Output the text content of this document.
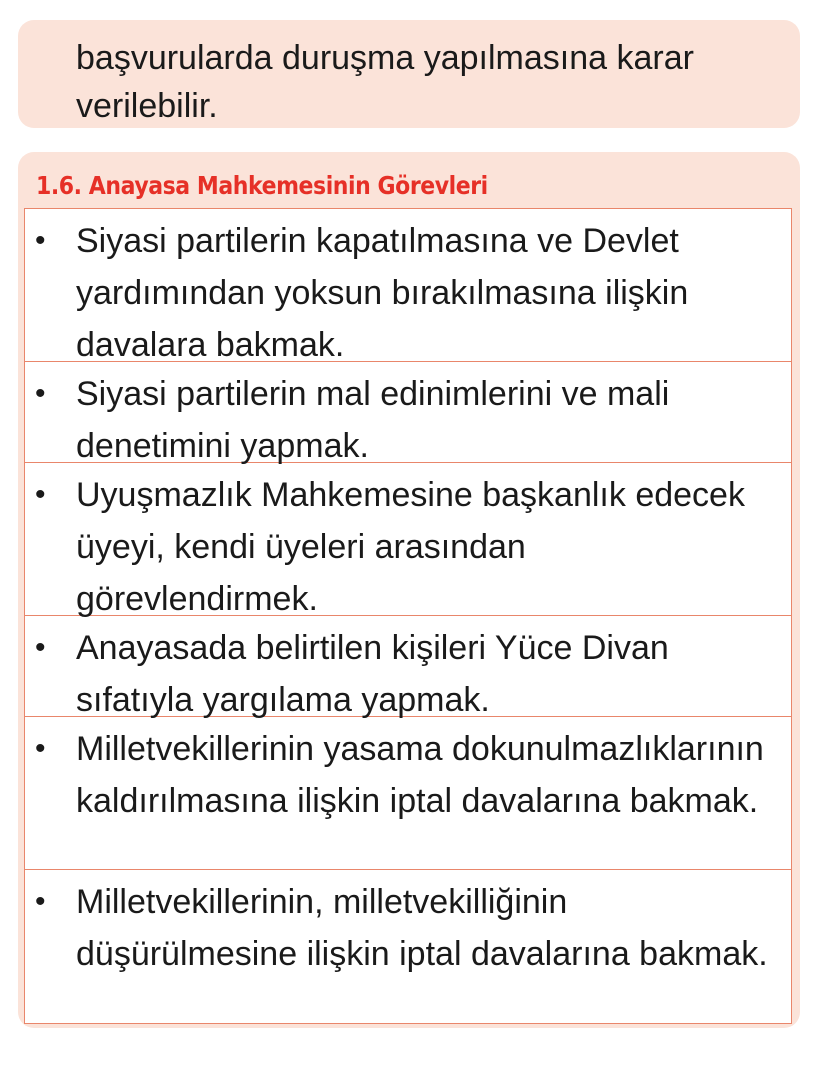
başvurularda duruşma yapılmasına karar verilebilir.

1.6. Anayasa Mahkemesinin Görevleri
• Siyasi partilerin kapatılmasına ve Devlet yardımından yoksun bırakılmasına ilişkin davalara bakmak.

• Siyasi partilerin mal edinimlerini ve mali denetimini yapmak.

• Uyuşmazlık Mahkemesine başkanlık edecek üyeyi, kendi üyeleri arasından görevlendirmek.

• Anayasada belirtilen kişileri Yüce Divan sıfatıyla yargılama yapmak.

• Milletvekillerinin yasama dokunulmazlıklarının kaldırılmasına ilişkin iptal davalarına bakmak.

• Milletvekillerinin, milletvekilliğinin düşürülmesine ilişkin iptal davalarına bakmak.
